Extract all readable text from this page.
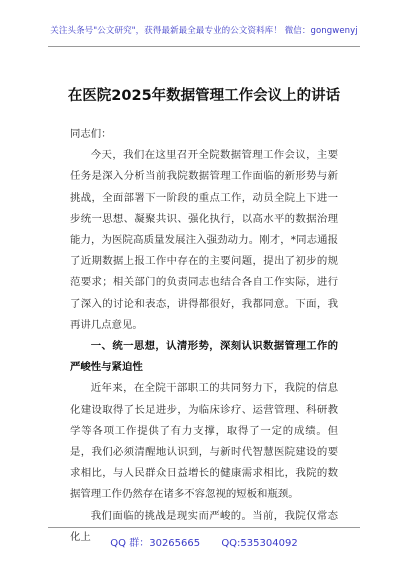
关注头条号"公文研究"，获得最新最全最专业的公文资料库！ 微信：gongwenyj
在医院2025年数据管理工作会议上的讲话

同志们：

今天，我们在这里召开全院数据管理工作会议，主要任务是深入分析当前我院数据管理工作面临的新形势与新挑战，全面部署下一阶段的重点工作，动员全院上下进一步统一思想、凝聚共识、强化执行，以高水平的数据治理能力，为医院高质量发展注入强劲动力。刚才，*同志通报了近期数据上报工作中存在的主要问题，提出了初步的规范要求；相关部门的负责同志也结合各自工作实际，进行了深入的讨论和表态，讲得都很好，我都同意。下面，我再讲几点意见。

一、统一思想，认清形势，深刻认识数据管理工作的严峻性与紧迫性

近年来，在全院干部职工的共同努力下，我院的信息化建设取得了长足进步，为临床诊疗、运营管理、科研教学等各项工作提供了有力支撑，取得了一定的成绩。但是，我们必须清醒地认识到，与新时代智慧医院建设的要求相比，与人民群众日益增长的健康需求相比，我院的数据管理工作仍然存在诸多不容忽视的短板和瓶颈。

我们面临的挑战是现实而严峻的。当前，我院仅常态化上

QQ 群：30265665 QQ:535304092
